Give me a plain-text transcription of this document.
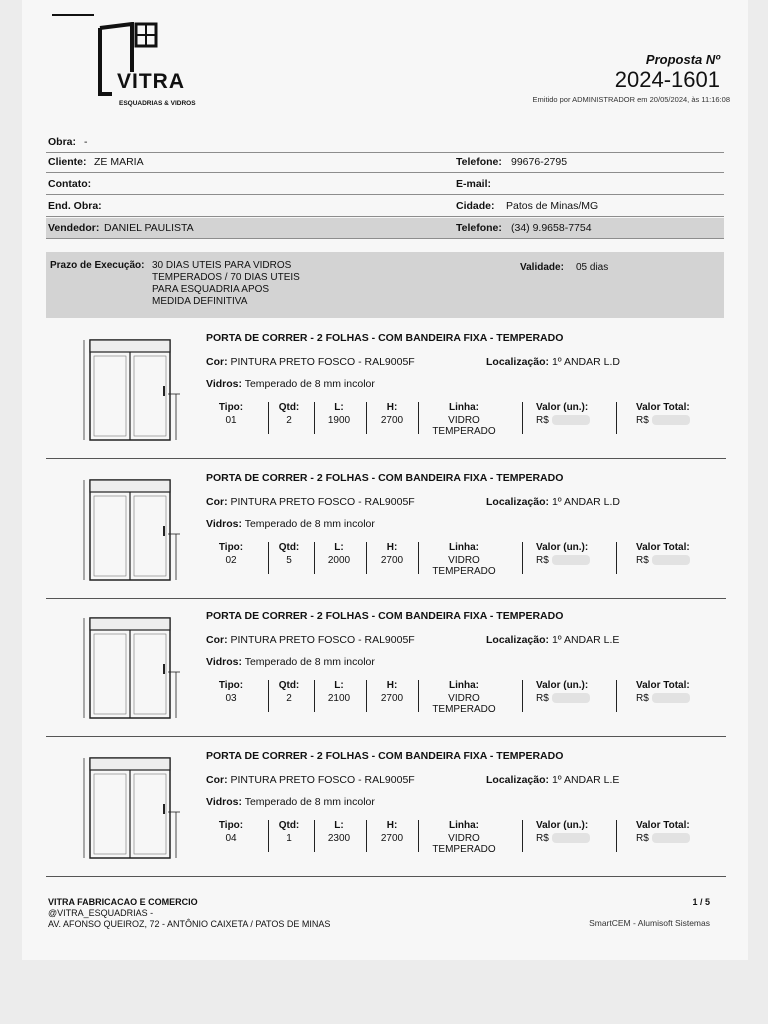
VITRA
ESQUADRIAS & VIDROS
Proposta Nº
2024-1601
Emitido por ADMINISTRADOR em 20/05/2024, às 11:16:08
Obra: -
Cliente: ZE MARIA	Telefone: 99676-2795
Contato:	E-mail:
End. Obra:	Cidade: Patos de Minas/MG
Vendedor: DANIEL PAULISTA	Telefone: (34) 9.9658-7754
Prazo de Execução: 30 DIAS UTEIS PARA VIDROS
TEMPERADOS / 70 DIAS UTEIS
PARA ESQUADRIA APOS
MEDIDA DEFINITIVA
Validade: 05 dias
PORTA DE CORRER - 2 FOLHAS - COM BANDEIRA FIXA - TEMPERADO
Cor: PINTURA PRETO FOSCO - RAL9005F	Localização: 1º ANDAR L.D
Vidros: Temperado de 8 mm incolor
Tipo:
01
Qtd:
2
L:
1900
H:
2700
Linha:
VIDRO
TEMPERADO
Valor (un.):
R$
Valor Total:
R$
PORTA DE CORRER - 2 FOLHAS - COM BANDEIRA FIXA - TEMPERADO
Cor: PINTURA PRETO FOSCO - RAL9005F	Localização: 1º ANDAR L.D
Vidros: Temperado de 8 mm incolor
Tipo:
02
Qtd:
5
L:
2000
H:
2700
Linha:
VIDRO
TEMPERADO
Valor (un.):
R$
Valor Total:
R$
PORTA DE CORRER - 2 FOLHAS - COM BANDEIRA FIXA - TEMPERADO
Cor: PINTURA PRETO FOSCO - RAL9005F	Localização: 1º ANDAR L.E
Vidros: Temperado de 8 mm incolor
Tipo:
03
Qtd:
2
L:
2100
H:
2700
Linha:
VIDRO
TEMPERADO
Valor (un.):
R$
Valor Total:
R$
PORTA DE CORRER - 2 FOLHAS - COM BANDEIRA FIXA - TEMPERADO
Cor: PINTURA PRETO FOSCO - RAL9005F	Localização: 1º ANDAR L.E
Vidros: Temperado de 8 mm incolor
Tipo:
04
Qtd:
1
L:
2300
H:
2700
Linha:
VIDRO
TEMPERADO
Valor (un.):
R$
Valor Total:
R$
VITRA FABRICACAO E COMERCIO
@VITRA_ESQUADRIAS -
AV. AFONSO QUEIROZ, 72 - ANTÔNIO CAIXETA / PATOS DE MINAS
1 / 5
SmartCEM - Alumisoft Sistemas
